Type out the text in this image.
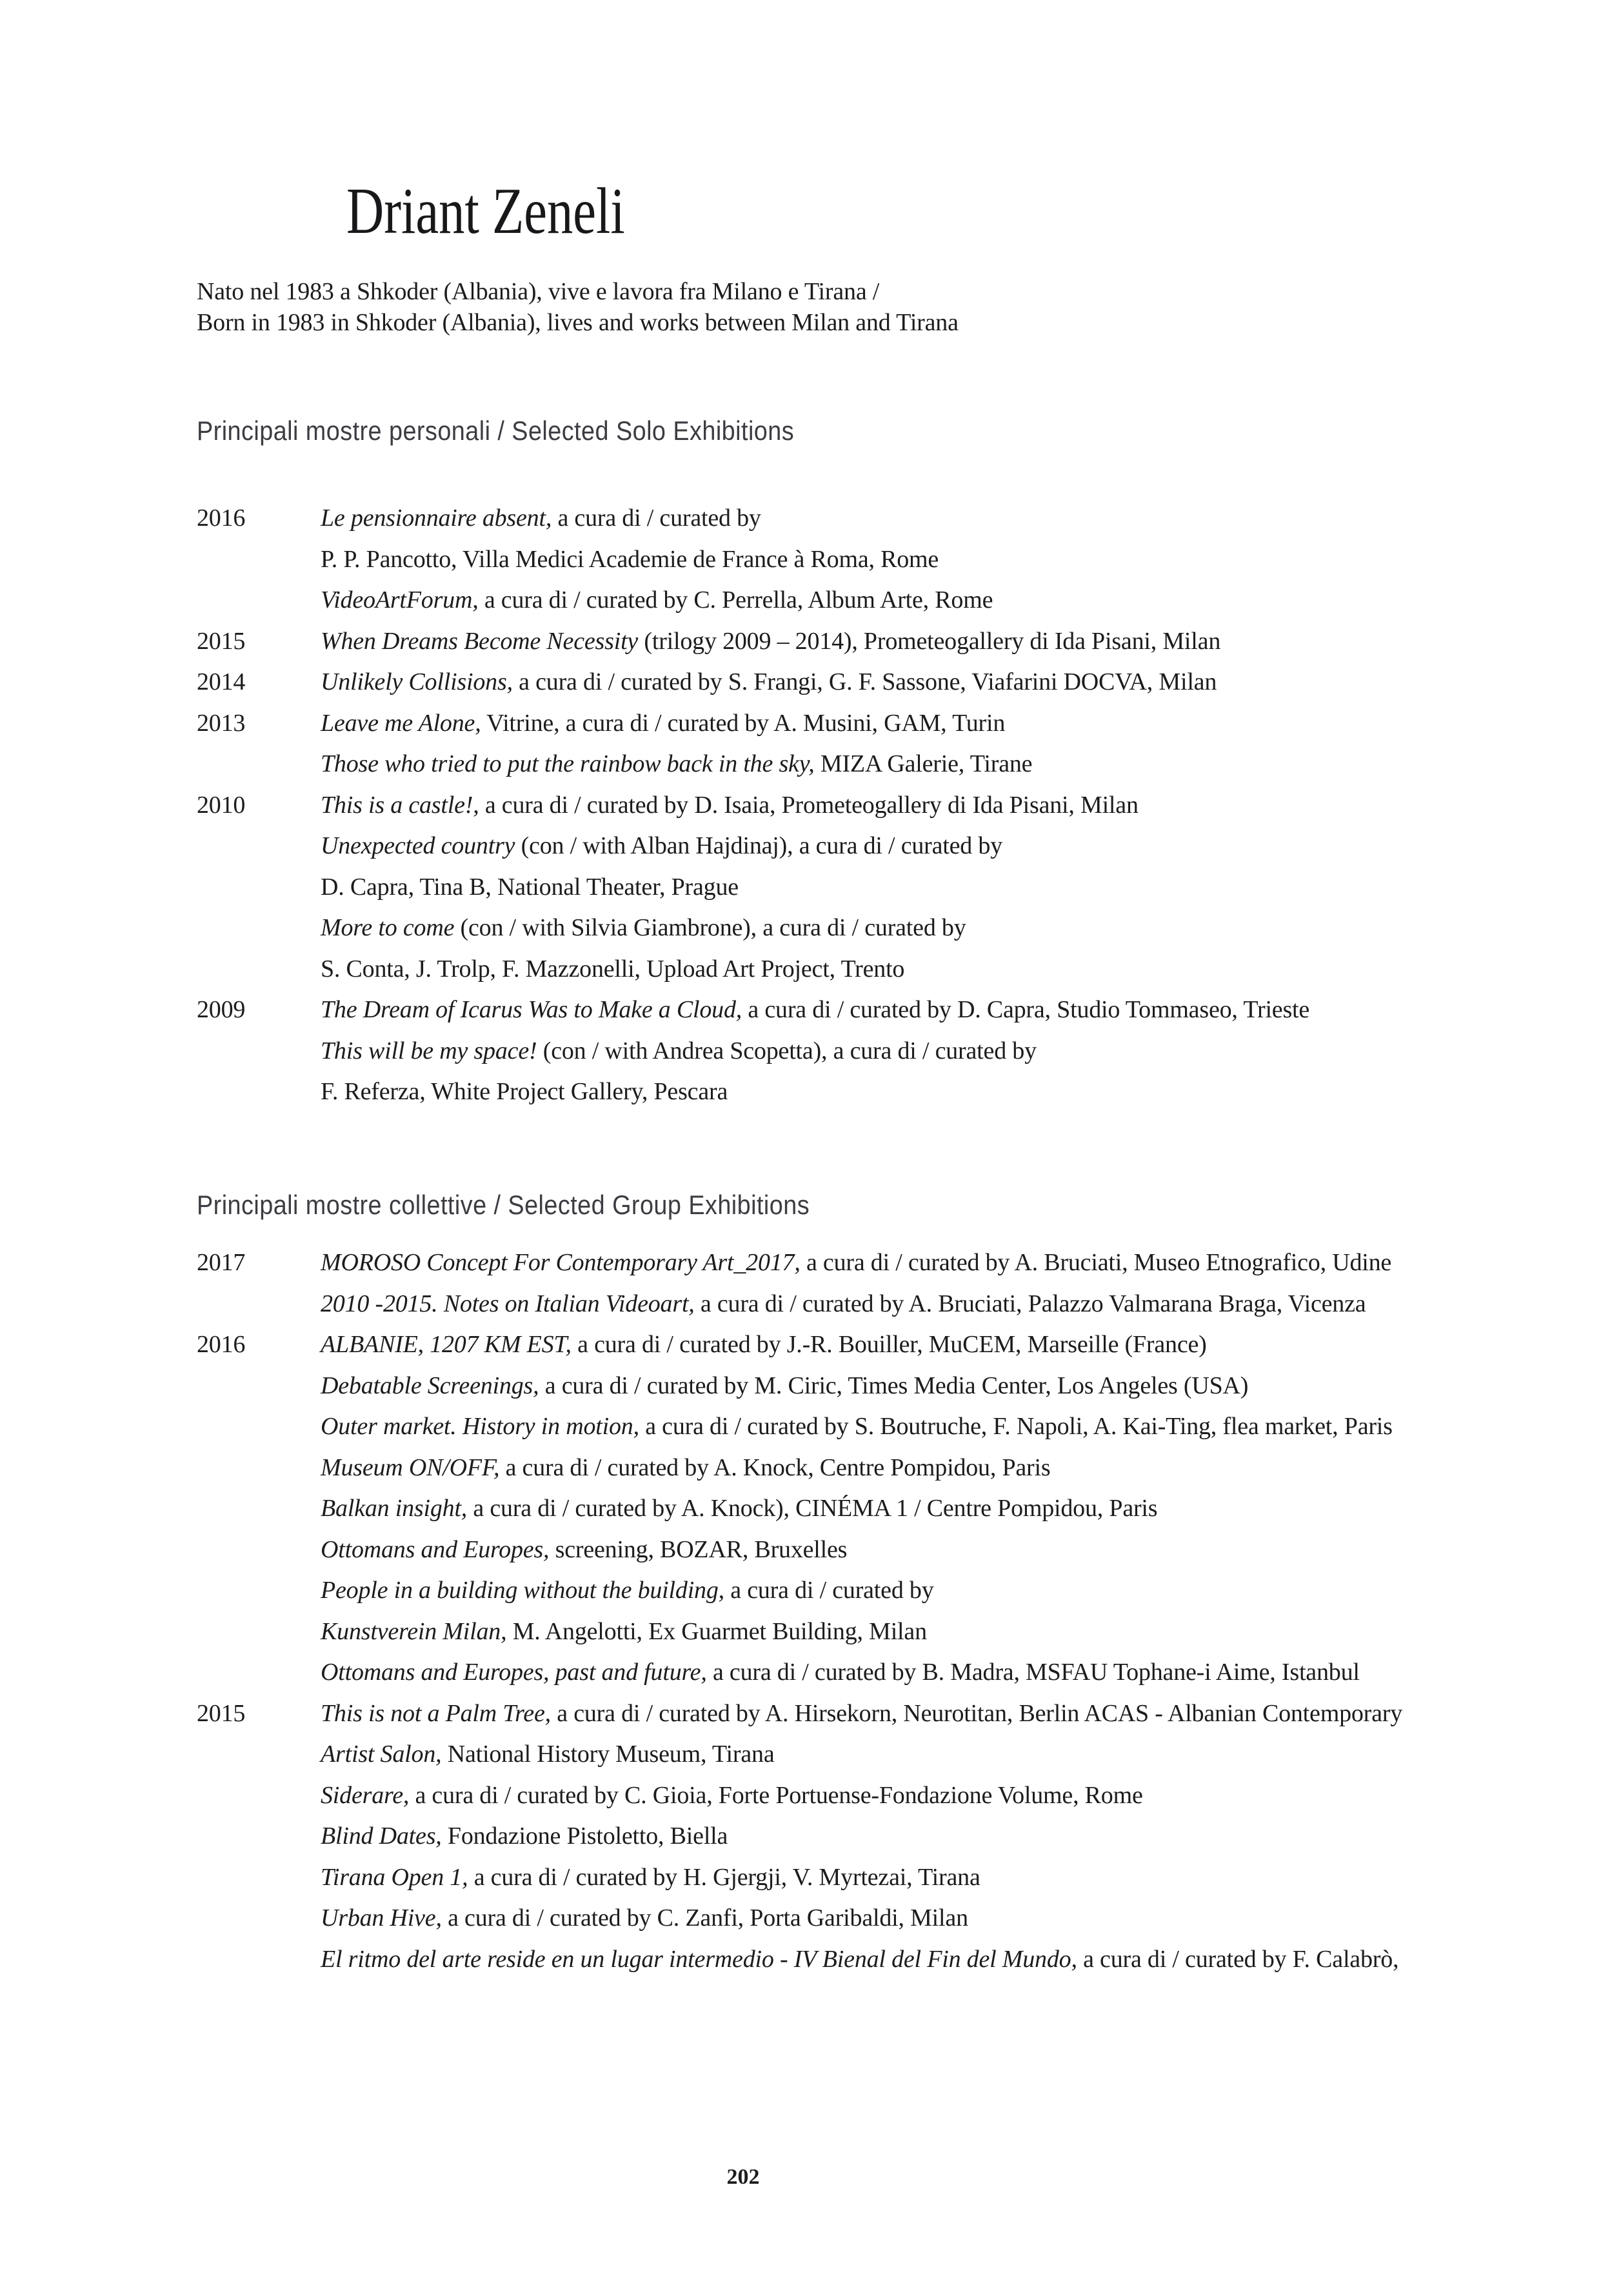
Driant Zeneli
Nato nel 1983 a Shkoder (Albania), vive e lavora fra Milano e Tirana /
Born in 1983 in Shkoder (Albania), lives and works between Milan and Tirana
Principali mostre personali / Selected Solo Exhibitions
2016	Le pensionnaire absent, a cura di / curated by
P. P. Pancotto, Villa Medici Academie de France à Roma, Rome
VideoArtForum, a cura di / curated by C. Perrella, Album Arte, Rome
2015	When Dreams Become Necessity (trilogy 2009 – 2014), Prometeogallery di Ida Pisani, Milan
2014	Unlikely Collisions, a cura di / curated by S. Frangi, G. F. Sassone, Viafarini DOCVA, Milan
2013	Leave me Alone, Vitrine, a cura di / curated by A. Musini, GAM, Turin
Those who tried to put the rainbow back in the sky, MIZA Galerie, Tirane
2010	This is a castle!, a cura di / curated by D. Isaia, Prometeogallery di Ida Pisani, Milan
Unexpected country (con / with Alban Hajdinaj), a cura di / curated by
D. Capra, Tina B, National Theater, Prague
More to come (con / with Silvia Giambrone), a cura di / curated by
S. Conta, J. Trolp, F. Mazzonelli, Upload Art Project, Trento
2009	The Dream of Icarus Was to Make a Cloud, a cura di / curated by D. Capra, Studio Tommaseo, Trieste
This will be my space! (con / with Andrea Scopetta), a cura di / curated by
F. Referza, White Project Gallery, Pescara
Principali mostre collettive / Selected Group Exhibitions
2017	MOROSO Concept For Contemporary Art_2017, a cura di / curated by A. Bruciati, Museo Etnografico, Udine
2010 -2015. Notes on Italian Videoart, a cura di / curated by A. Bruciati, Palazzo Valmarana Braga, Vicenza
2016	ALBANIE, 1207 KM EST, a cura di / curated by J.-R. Bouiller, MuCEM, Marseille (France)
Debatable Screenings, a cura di / curated by M. Ciric, Times Media Center, Los Angeles (USA)
Outer market. History in motion, a cura di / curated by S. Boutruche, F. Napoli, A. Kai-Ting, flea market, Paris
Museum ON/OFF, a cura di / curated by A. Knock, Centre Pompidou, Paris
Balkan insight, a cura di / curated by A. Knock), CINÉMA 1 / Centre Pompidou, Paris
Ottomans and Europes, screening, BOZAR, Bruxelles
People in a building without the building, a cura di / curated by
Kunstverein Milan, M. Angelotti, Ex Guarmet Building, Milan
Ottomans and Europes, past and future, a cura di / curated by B. Madra, MSFAU Tophane-i Aime, Istanbul
2015	This is not a Palm Tree, a cura di / curated by A. Hirsekorn, Neurotitan, Berlin ACAS - Albanian Contemporary
Artist Salon, National History Museum, Tirana
Siderare, a cura di / curated by C. Gioia, Forte Portuense-Fondazione Volume, Rome
Blind Dates, Fondazione Pistoletto, Biella
Tirana Open 1, a cura di / curated by H. Gjergji, V. Myrtezai, Tirana
Urban Hive, a cura di / curated by C. Zanfi, Porta Garibaldi, Milan
El ritmo del arte reside en un lugar intermedio - IV Bienal del Fin del Mundo, a cura di / curated by F. Calabrò,
202
